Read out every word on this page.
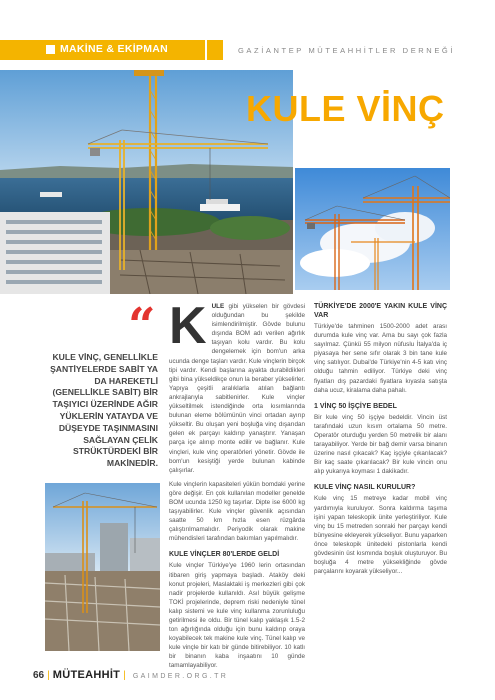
MAKİNE & EKİPMAN	GAZİANTEP MÜTEAHHİTLER DERNEĞİ
KULE VİNÇ
“
KULE VİNÇ, GENELLİKLE ŞANTİYELERDE SABİT YA DA HAREKETLİ (GENELLİKLE SABİT) BİR TAŞIYICI ÜZERİNDE AĞIR YÜKLERİN YATAYDA VE DÜŞEYDE TAŞINMASINI SAĞLAYAN ÇELİK STRÜKTÜRDEKİ BİR MAKİNEDİR.

KULE gibi yükselen bir gövdesi olduğundan bu şekilde isimlendirilmiştir. Gövde bulunu dışında BOM adı verilen ağırlık taşıyan kolu vardır. Bu kolu dengelemek için bom'un arka ucunda denge taşları vardır. Kule vinçlerin birçok tipi vardır. Kendi başlarına ayakta durabildikleri gibi bina yükseldikçe onun la beraber yükselirler. Yapıya çeşitli aralıklarla atılan bağlantı ankrajlarıyla sabitlenirler. Kule vinçler yükseltilmek istendiğinde orta kısımlarında bulunan eleme bölümünün vinci ortadan ayırıp yükseltir. Bu oluşan yeni boşluğa vinç dışarıdan gelen ek parçayı kaldırıp yanaştırır. Yanaşan parça içe alınıp monte edilir ve bağlanır. Kule vinçleri, kule vinç operatörleri yönetir. Gövde ile bom'un kesiştiği yerde bulunan kabinde çalışırlar.

Kule vinçlerin kapasiteleri yükün bomdaki yerine göre değişir. En çok kullanılan modeller genelde BOM ucunda 1250 kg taşırlar. Dipte ise 6000 kg taşıyabilirler. Kule vinçler güvenlik açısından saatte 50 km hızla esen rüzgârda çalıştırılmamalıdır. Periyodik olarak makine mühendisleri tarafından bakımları yapılmalıdır.

KULE VİNÇLER 80'LERDE GELDİ

Kule vinçler Türkiye'ye 1960 lerin ortasından itibaren giriş yapmaya başladı. Ataköy deki konut projeleri, Maslaktaki iş merkezleri gibi çok nadir projelerde kullanıldı. Asıl büyük gelişme TOKİ projelerinde, deprem riski nedeniyle tünel kalıp sistemi ve kule vinç kullanma zorunluluğu getirilmesi ile oldu. Bir tünel kalıp yaklaşık 1.5-2 ton ağırlığında olduğu için bunu kaldırıp oraya koyabilecek tek makine kule vinç. Tünel kalıp ve kule vinçle bir katı bir günde bitirebiliyor. 10 katlı bir binanın kaba inşaatını 10 günde tamamlayabiliyor.

TÜRKİYE'DE 2000'E YAKIN KULE VİNÇ VAR

Türkiye'de tahminen 1500-2000 adet arası durumda kule vinç var. Ama bu sayı çok fazla sayılmaz. Çünkü 55 milyon nüfuslu İtalya'da iç piyasaya her sene sıfır olarak 3 bin tane kule vinç satılıyor. Dubai'de Türkiye'nin 4-5 katı vinç olduğu tahmin ediliyor. Türkiye deki vinç fiyatları dış pazardaki fiyatlara kıyasla satışta daha ucuz, kiralama daha pahalı.

1 VİNÇ 50 İŞÇİYE BEDEL

Bir kule vinç 50 işçiye bedeldir. Vincin üst tarafındaki uzun kısım ortalama 50 metre. Operatör oturduğu yerden 50 metrelik bir alanı tarayabiliyor. Yerde bir bağ demir varsa binanın üzerine nasıl çıkacak? Kaç işçiyle çıkarılacak? Bir kaç saate çıkarılacak? Bir kule vincin onu alıp yukarıya koyması 1 dakikadır.

KULE VİNÇ NASIL KURULUR?

Kule vinç 15 metreye kadar mobil vinç yardımıyla kuruluyor. Sonra kaldırma taşıma işini yapan teleskopik ünite yerleştiriliyor. Kule vinç bu 15 metreden sonraki her parçayı kendi bünyesine ekleyerek yükseliyor. Bunu yaparken önce teleskopik ünitedeki pistonlarla kendi gövdesinin üst kısmında boşluk oluşturuyor. Bu boşluğa 4 metre yüksekliğinde gövde parçalarını koyarak yükseliyor...

66 | MÜTEAHHİT | GAIMDER.ORG.TR
